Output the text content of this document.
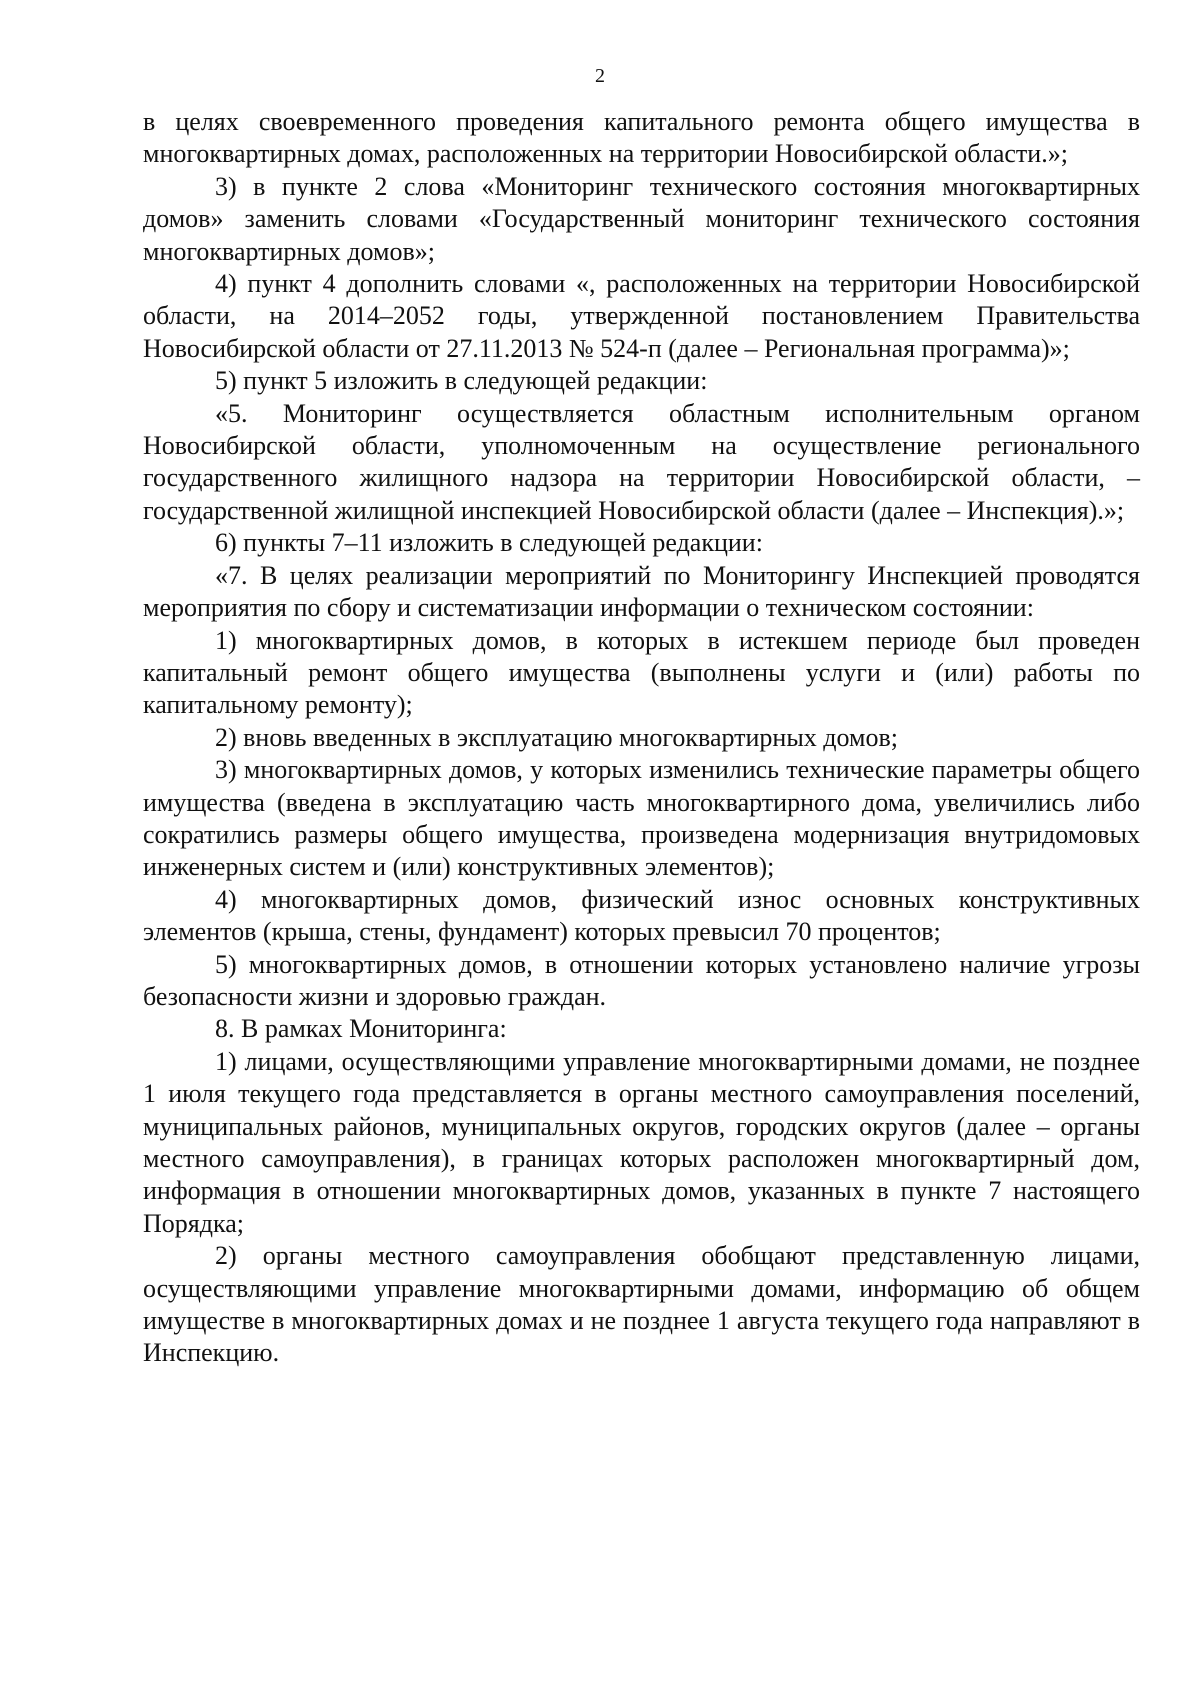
2

в целях своевременного проведения капитального ремонта общего имущества в многоквартирных домах, расположенных на территории Новосибирской области.»;

3) в пункте 2 слова «Мониторинг технического состояния многоквартирных домов» заменить словами «Государственный мониторинг технического состояния многоквартирных домов»;

4) пункт 4 дополнить словами «, расположенных на территории Новосибирской области, на 2014–2052 годы, утвержденной постановлением Правительства Новосибирской области от 27.11.2013 № 524-п (далее – Региональная программа)»;

5) пункт 5 изложить в следующей редакции:

«5. Мониторинг осуществляется областным исполнительным органом Новосибирской области, уполномоченным на осуществление регионального государственного жилищного надзора на территории Новосибирской области, – государственной жилищной инспекцией Новосибирской области (далее – Инспекция).»;

6) пункты 7–11 изложить в следующей редакции:

«7. В целях реализации мероприятий по Мониторингу Инспекцией проводятся мероприятия по сбору и систематизации информации о техническом состоянии:

1) многоквартирных домов, в которых в истекшем периоде был проведен капитальный ремонт общего имущества (выполнены услуги и (или) работы по капитальному ремонту);

2) вновь введенных в эксплуатацию многоквартирных домов;

3) многоквартирных домов, у которых изменились технические параметры общего имущества (введена в эксплуатацию часть многоквартирного дома, увеличились либо сократились размеры общего имущества, произведена модернизация внутридомовых инженерных систем и (или) конструктивных элементов);

4) многоквартирных домов, физический износ основных конструктивных элементов (крыша, стены, фундамент) которых превысил 70 процентов;

5) многоквартирных домов, в отношении которых установлено наличие угрозы безопасности жизни и здоровью граждан.

8. В рамках Мониторинга:

1) лицами, осуществляющими управление многоквартирными домами, не позднее 1 июля текущего года представляется в органы местного самоуправления поселений, муниципальных районов, муниципальных округов, городских округов (далее – органы местного самоуправления), в границах которых расположен многоквартирный дом, информация в отношении многоквартирных домов, указанных в пункте 7 настоящего Порядка;

2) органы местного самоуправления обобщают представленную лицами, осуществляющими управление многоквартирными домами, информацию об общем имуществе в многоквартирных домах и не позднее 1 августа текущего года направляют в Инспекцию.
